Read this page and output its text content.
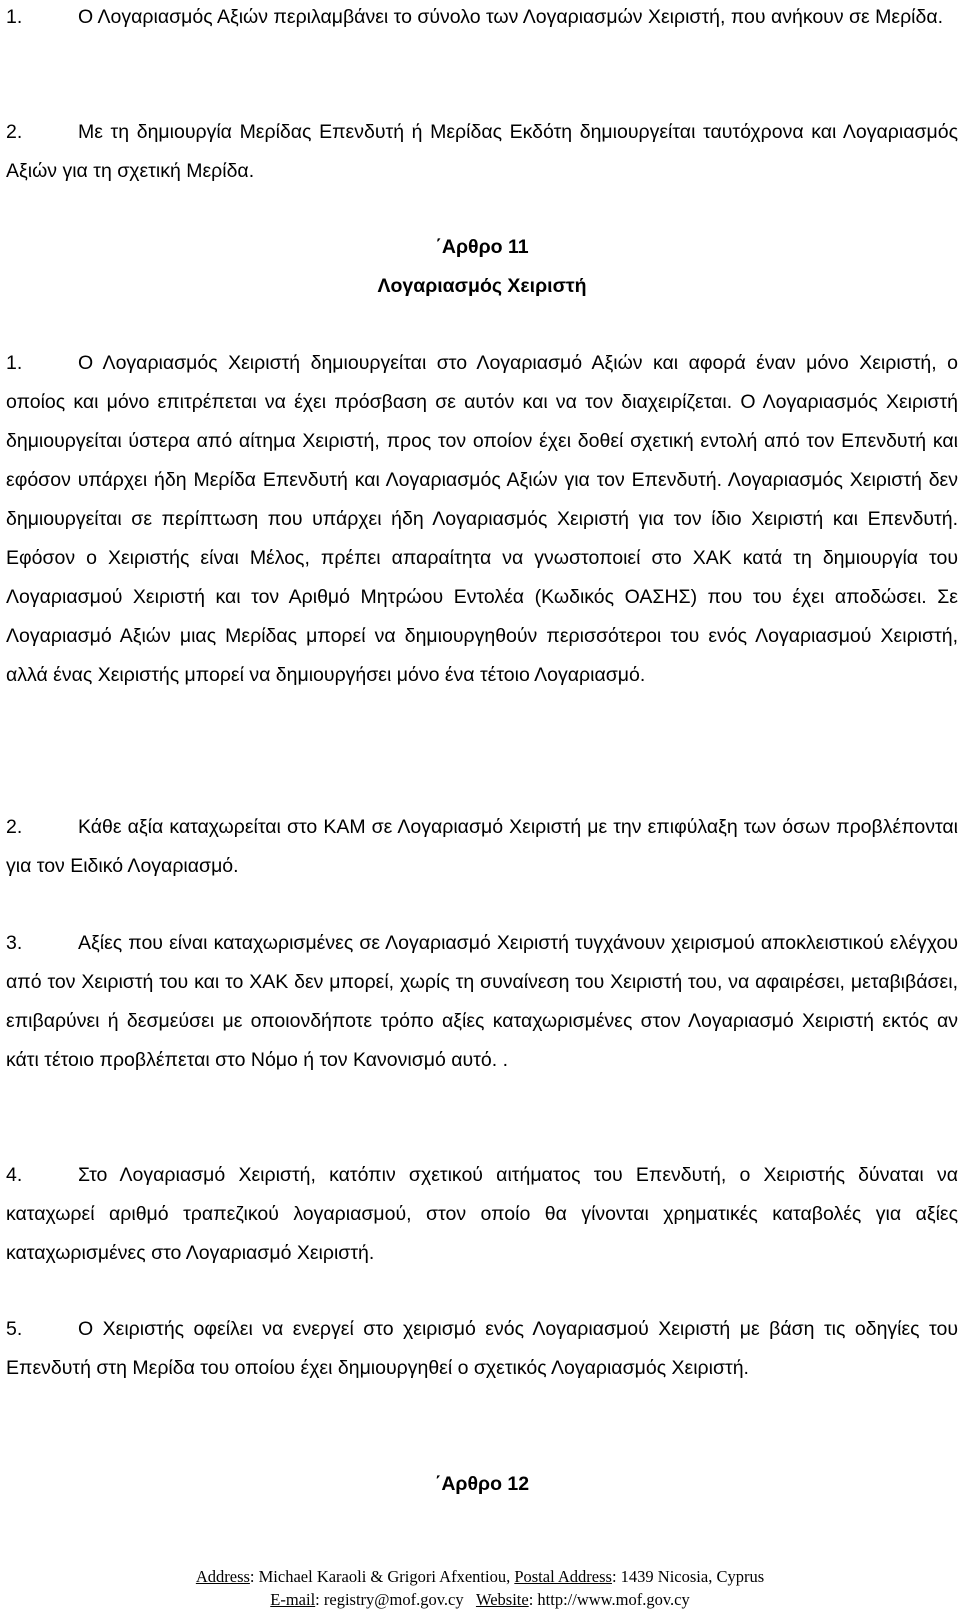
1.	Ο Λογαριασμός Αξιών περιλαμβάνει το σύνολο των Λογαριασμών Χειριστή, που ανήκουν σε Μερίδα.

2.	Με τη δημιουργία Μερίδας Επενδυτή ή Μερίδας Εκδότη δημιουργείται ταυτόχρονα και Λογαριασμός Αξιών για τη σχετική Μερίδα.

΄Αρθρο 11

Λογαριασμός Χειριστή

1.	Ο Λογαριασμός Χειριστή δημιουργείται στο Λογαριασμό Αξιών και αφορά έναν μόνο Χειριστή, ο οποίος και μόνο επιτρέπεται να έχει πρόσβαση σε αυτόν και να τον διαχειρίζεται. Ο Λογαριασμός Χειριστή δημιουργείται ύστερα από αίτημα Χειριστή, προς τον οποίον έχει δοθεί σχετική εντολή από τον Επενδυτή και εφόσον υπάρχει ήδη Μερίδα Επενδυτή και Λογαριασμός Αξιών για τον Επενδυτή. Λογαριασμός Χειριστή δεν δημιουργείται σε περίπτωση που υπάρχει ήδη Λογαριασμός Χειριστή για τον ίδιο Χειριστή και Επενδυτή. Εφόσον ο Χειριστής είναι Μέλος, πρέπει απαραίτητα να γνωστοποιεί στο ΧΑΚ κατά τη δημιουργία του Λογαριασμού Χειριστή και τον Αριθμό Μητρώου Εντολέα (Κωδικός ΟΑΣΗΣ) που του έχει αποδώσει. Σε Λογαριασμό Αξιών μιας Μερίδας μπορεί να δημιουργηθούν περισσότεροι του ενός Λογαριασμού Χειριστή, αλλά ένας Χειριστής μπορεί να δημιουργήσει μόνο ένα τέτοιο Λογαριασμό.

2.	Κάθε αξία καταχωρείται στο ΚΑΜ σε Λογαριασμό Χειριστή με την επιφύλαξη των όσων προβλέπονται για τον Ειδικό Λογαριασμό.

3.	Αξίες που είναι καταχωρισμένες σε Λογαριασμό Χειριστή τυγχάνουν χειρισμού αποκλειστικού ελέγχου από τον Χειριστή του και το ΧΑΚ δεν μπορεί, χωρίς τη συναίνεση του Χειριστή του, να αφαιρέσει, μεταβιβάσει, επιβαρύνει ή δεσμεύσει με οποιονδήποτε τρόπο αξίες καταχωρισμένες στον Λογαριασμό Χειριστή εκτός αν κάτι τέτοιο προβλέπεται στο Νόμο ή τον Κανονισμό αυτό. .

4.	Στο Λογαριασμό Χειριστή, κατόπιν σχετικού αιτήματος του Επενδυτή, ο Χειριστής δύναται να καταχωρεί αριθμό τραπεζικού λογαριασμού, στον οποίο θα γίνονται χρηματικές καταβολές για αξίες καταχωρισμένες στο Λογαριασμό Χειριστή.

5.	Ο Χειριστής οφείλει να ενεργεί στο χειρισμό ενός Λογαριασμού Χειριστή με βάση τις οδηγίες του Επενδυτή στη Μερίδα του οποίου έχει δημιουργηθεί ο σχετικός Λογαριασμός Χειριστή.

΄Αρθρο 12

Address: Michael Karaoli & Grigori Afxentiou, Postal Address: 1439 Nicosia, Cyprus
E-mail: registry@mof.gov.cy Website: http://www.mof.gov.cy
